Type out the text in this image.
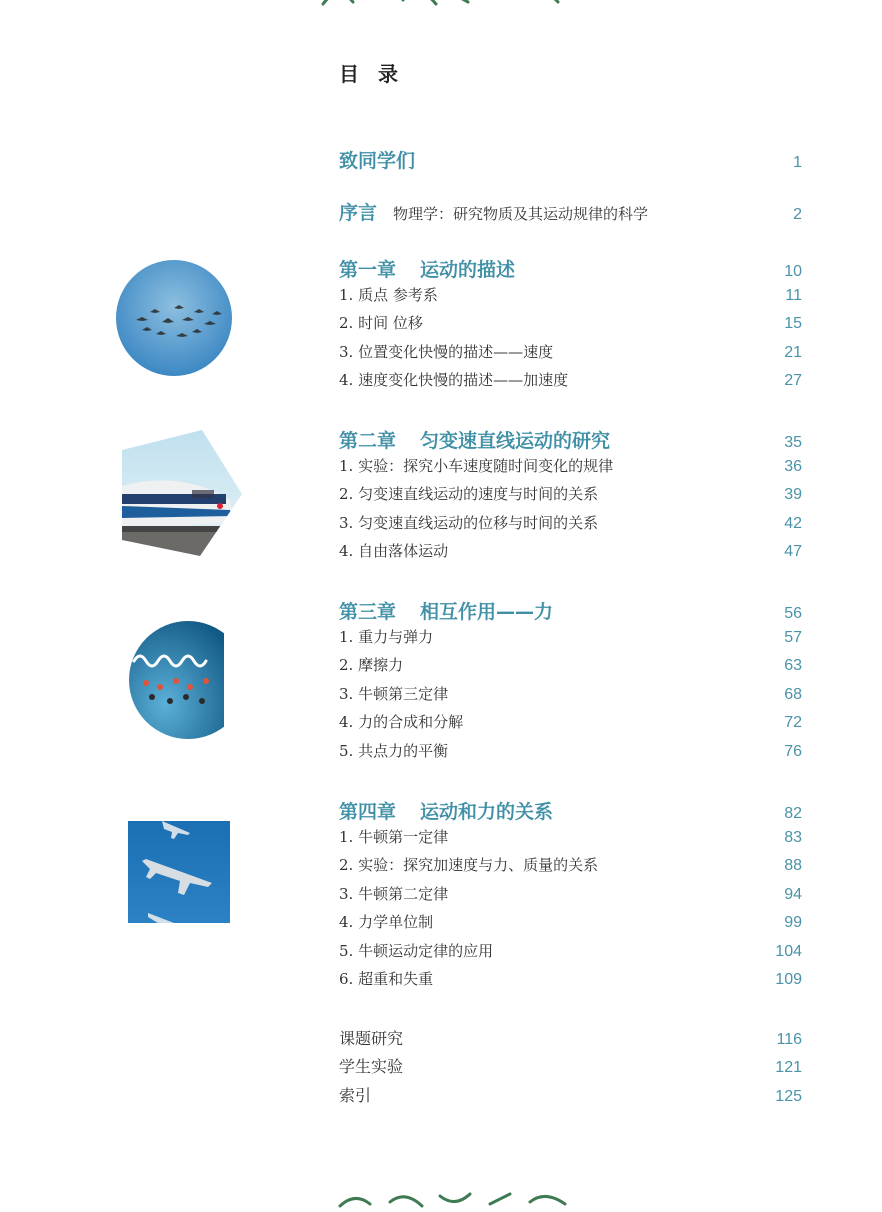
目 录
致同学们	1
序言 物理学：研究物质及其运动规律的科学	2
第一章 运动的描述	10
1. 质点 参考系	11
2. 时间 位移	15
3. 位置变化快慢的描述——速度	21
4. 速度变化快慢的描述——加速度	27
第二章 匀变速直线运动的研究	35
1. 实验：探究小车速度随时间变化的规律	36
2. 匀变速直线运动的速度与时间的关系	39
3. 匀变速直线运动的位移与时间的关系	42
4. 自由落体运动	47
第三章 相互作用——力	56
1. 重力与弹力	57
2. 摩擦力	63
3. 牛顿第三定律	68
4. 力的合成和分解	72
5. 共点力的平衡	76
第四章 运动和力的关系	82
1. 牛顿第一定律	83
2. 实验：探究加速度与力、质量的关系	88
3. 牛顿第二定律	94
4. 力学单位制	99
5. 牛顿运动定律的应用	104
6. 超重和失重	109
课题研究	116
学生实验	121
索引	125
